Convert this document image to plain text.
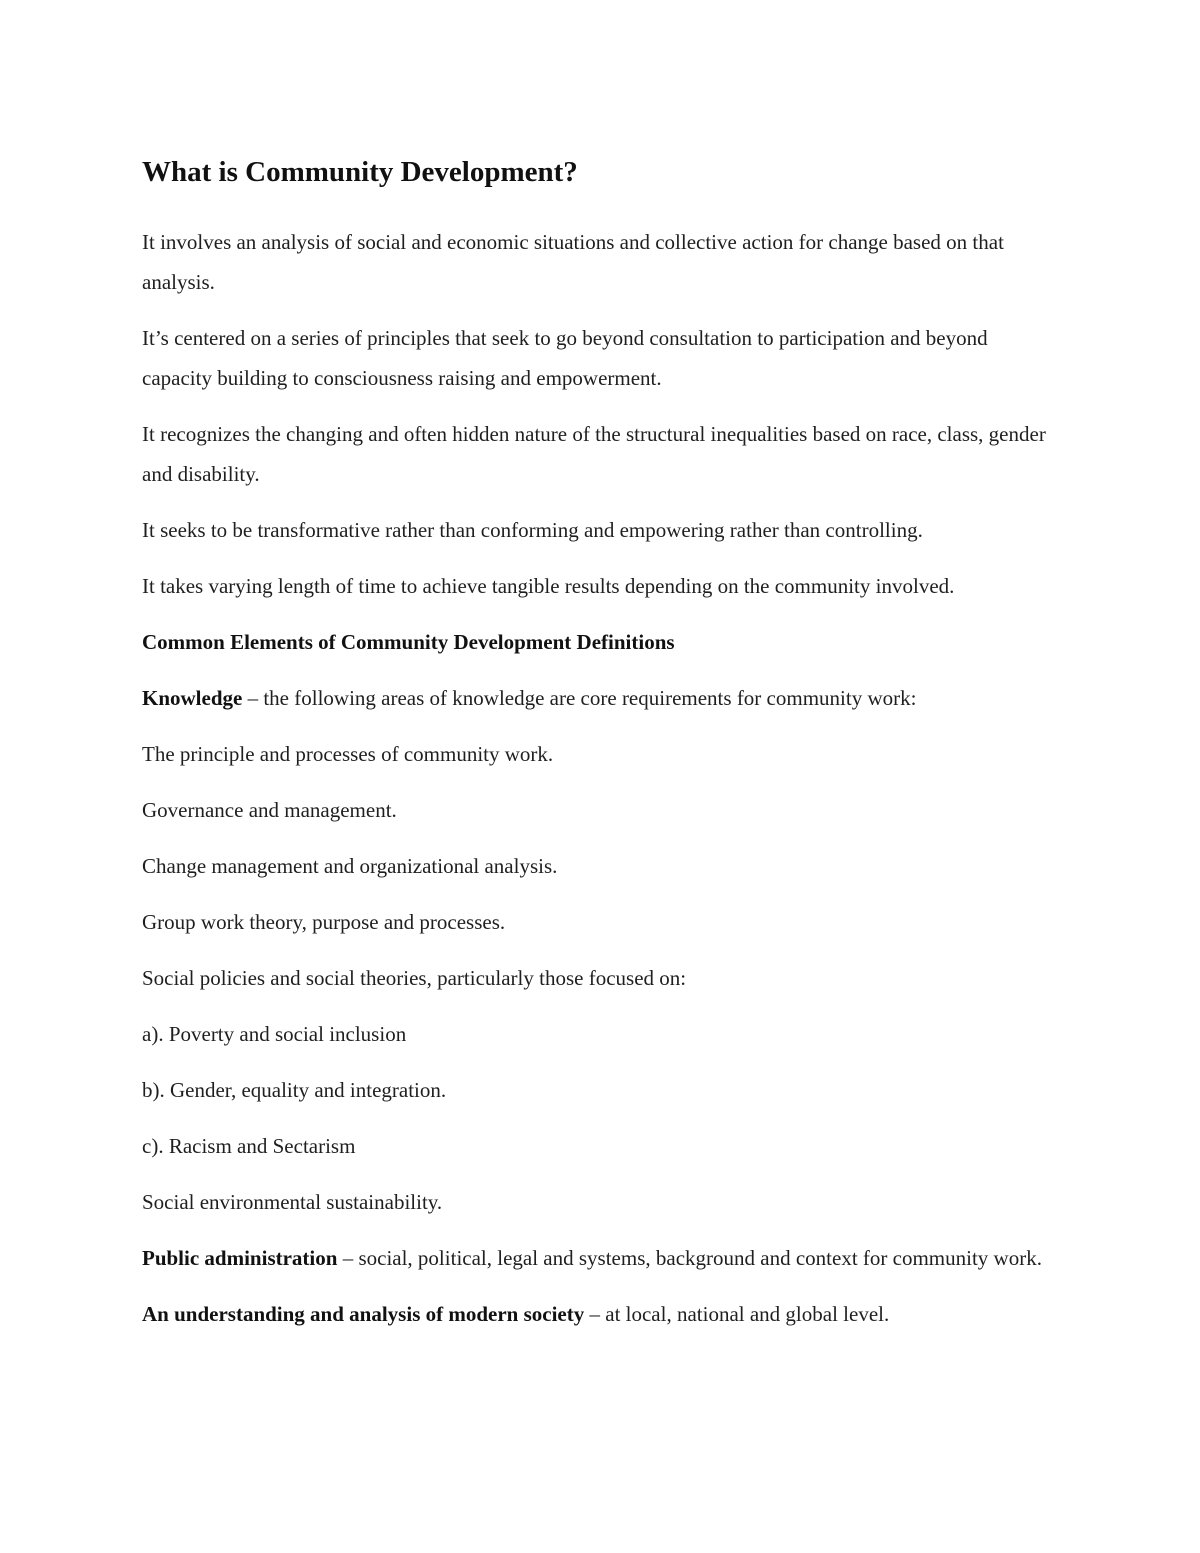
What is Community Development?

It involves an analysis of social and economic situations and collective action for change based on that analysis.

It’s centered on a series of principles that seek to go beyond consultation to participation and beyond capacity building to consciousness raising and empowerment.

It recognizes the changing and often hidden nature of the structural inequalities based on race, class, gender and disability.

It seeks to be transformative rather than conforming and empowering rather than controlling.

It takes varying length of time to achieve tangible results depending on the community involved.

Common Elements of Community Development Definitions

Knowledge – the following areas of knowledge are core requirements for community work:

The principle and processes of community work.

Governance and management.

Change management and organizational analysis.

Group work theory, purpose and processes.

Social policies and social theories, particularly those focused on:

a). Poverty and social inclusion

b). Gender, equality and integration.

c). Racism and Sectarism

Social environmental sustainability.

Public administration – social, political, legal and systems, background and context for community work.

An understanding and analysis of modern society – at local, national and global level.
